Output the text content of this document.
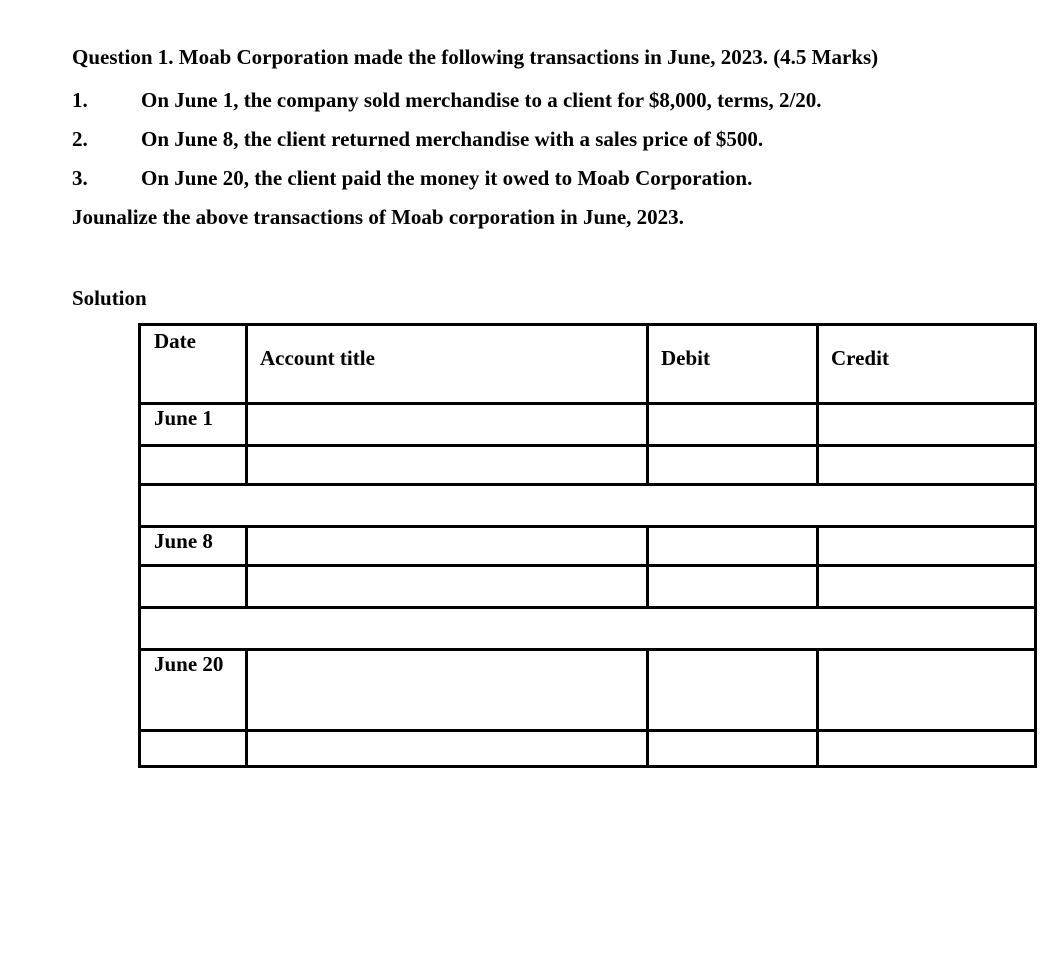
Question 1. Moab Corporation made the following transactions in June, 2023. (4.5 Marks)
1.	On June 1, the company sold merchandise to a client for $8,000, terms, 2/20.
2.	On June 8, the client returned merchandise with a sales price of $500.
3.	On June 20, the client paid the money it owed to Moab Corporation.
Jounalize the above transactions of Moab corporation in June, 2023.
Solution
Date	Account title	Debit	Credit
June 1			

June 8			

June 20			
